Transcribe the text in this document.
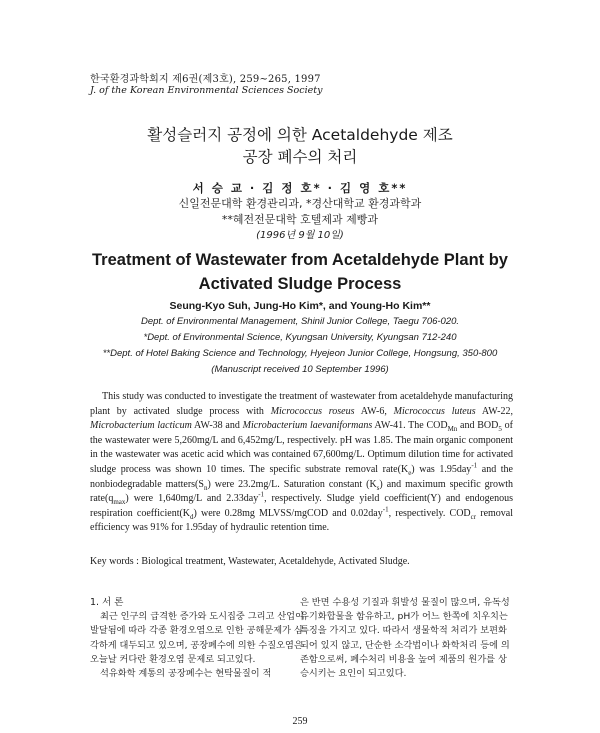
한국환경과학회지 제6권(제3호), 259∼265, 1997
J. of the Korean Environmental Sciences Society
활성슬러지 공정에 의한 Acetaldehyde 제조
공장 폐수의 처리
서 승 교 · 김 정 호* · 김 영 호**
신일전문대학 환경관리과, *경산대학교 환경과학과
**혜전전문대학 호텔제과 제빵과
(1996년 9월 10일)
Treatment of Wastewater from Acetaldehyde Plant by
Activated Sludge Process
Seung-Kyo Suh, Jung-Ho Kim*, and Young-Ho Kim**
Dept. of Environmental Management, Shinil Junior College, Taegu 706-020.
*Dept. of Environmental Science, Kyungsan University, Kyungsan 712-240
**Dept. of Hotel Baking Science and Technology, Hyejeon Junior College, Hongsung, 350-800
(Manuscript received 10 September 1996)

This study was conducted to investigate the treatment of wastewater from acetaldehyde manufacturing plant by activated sludge process with Micrococcus roseus AW-6, Micrococcus luteus AW-22, Microbacterium lacticum AW-38 and Microbacterium laevaniformans AW-41. The $COD_{Mn}$ and $BOD_5$ of the wastewater were 5,260mg/L and 6,452mg/L, respectively. pH was 1.85. The main organic component in the wastewater was acetic acid which was contained 67,600mg/L. Optimum dilution time for activated sludge process was shown 10 times. The specific substrate removal $rate(K_e)$ was 1.95day$^{-1}$ and the nonbiodegradable $matters(S_n)$ were 23.2mg/L. Saturation constant $(K_s)$ and maximum specific growth $rate(q_{max})$ were 1,640mg/L and 2.33day$^{-1}$, respectively. Sludge yield coefficient(Y) and endogenous respiration $coefficient(K_d)$ were 0.28mg MLVSS/mgCOD and 0.02day$^{-1}$, respectively. $COD_{cr}$ removal efficiency was 91% for 1.95day of hydraulic retention time.

Key words : Biological treatment, Wastewater, Acetaldehyde, Activated Sludge.

1. 서 론

최근 인구의 급격한 증가와 도시집중 그리고 산업이 발달됨에 따라 각종 환경오염으로 인한 공해문제가 심각하게 대두되고 있으며, 공장폐수에 의한 수질오염은 오늘날 커다란 환경오염 문제로 되고있다.

석유화학 계통의 공장폐수는 현탁물질이 적

은 반면 수용성 기질과 휘발성 물질이 많으며, 유독성 유기화합물을 함유하고, pH가 어느 한쪽에 치우치는 특징을 가지고 있다. 따라서 생물학적 처리가 보편화되어 있지 않고, 단순한 소각법이나 화학처리 등에 의존함으로써, 폐수처리 비용을 높여 제품의 원가를 상승시키는 요인이 되고있다.

259
